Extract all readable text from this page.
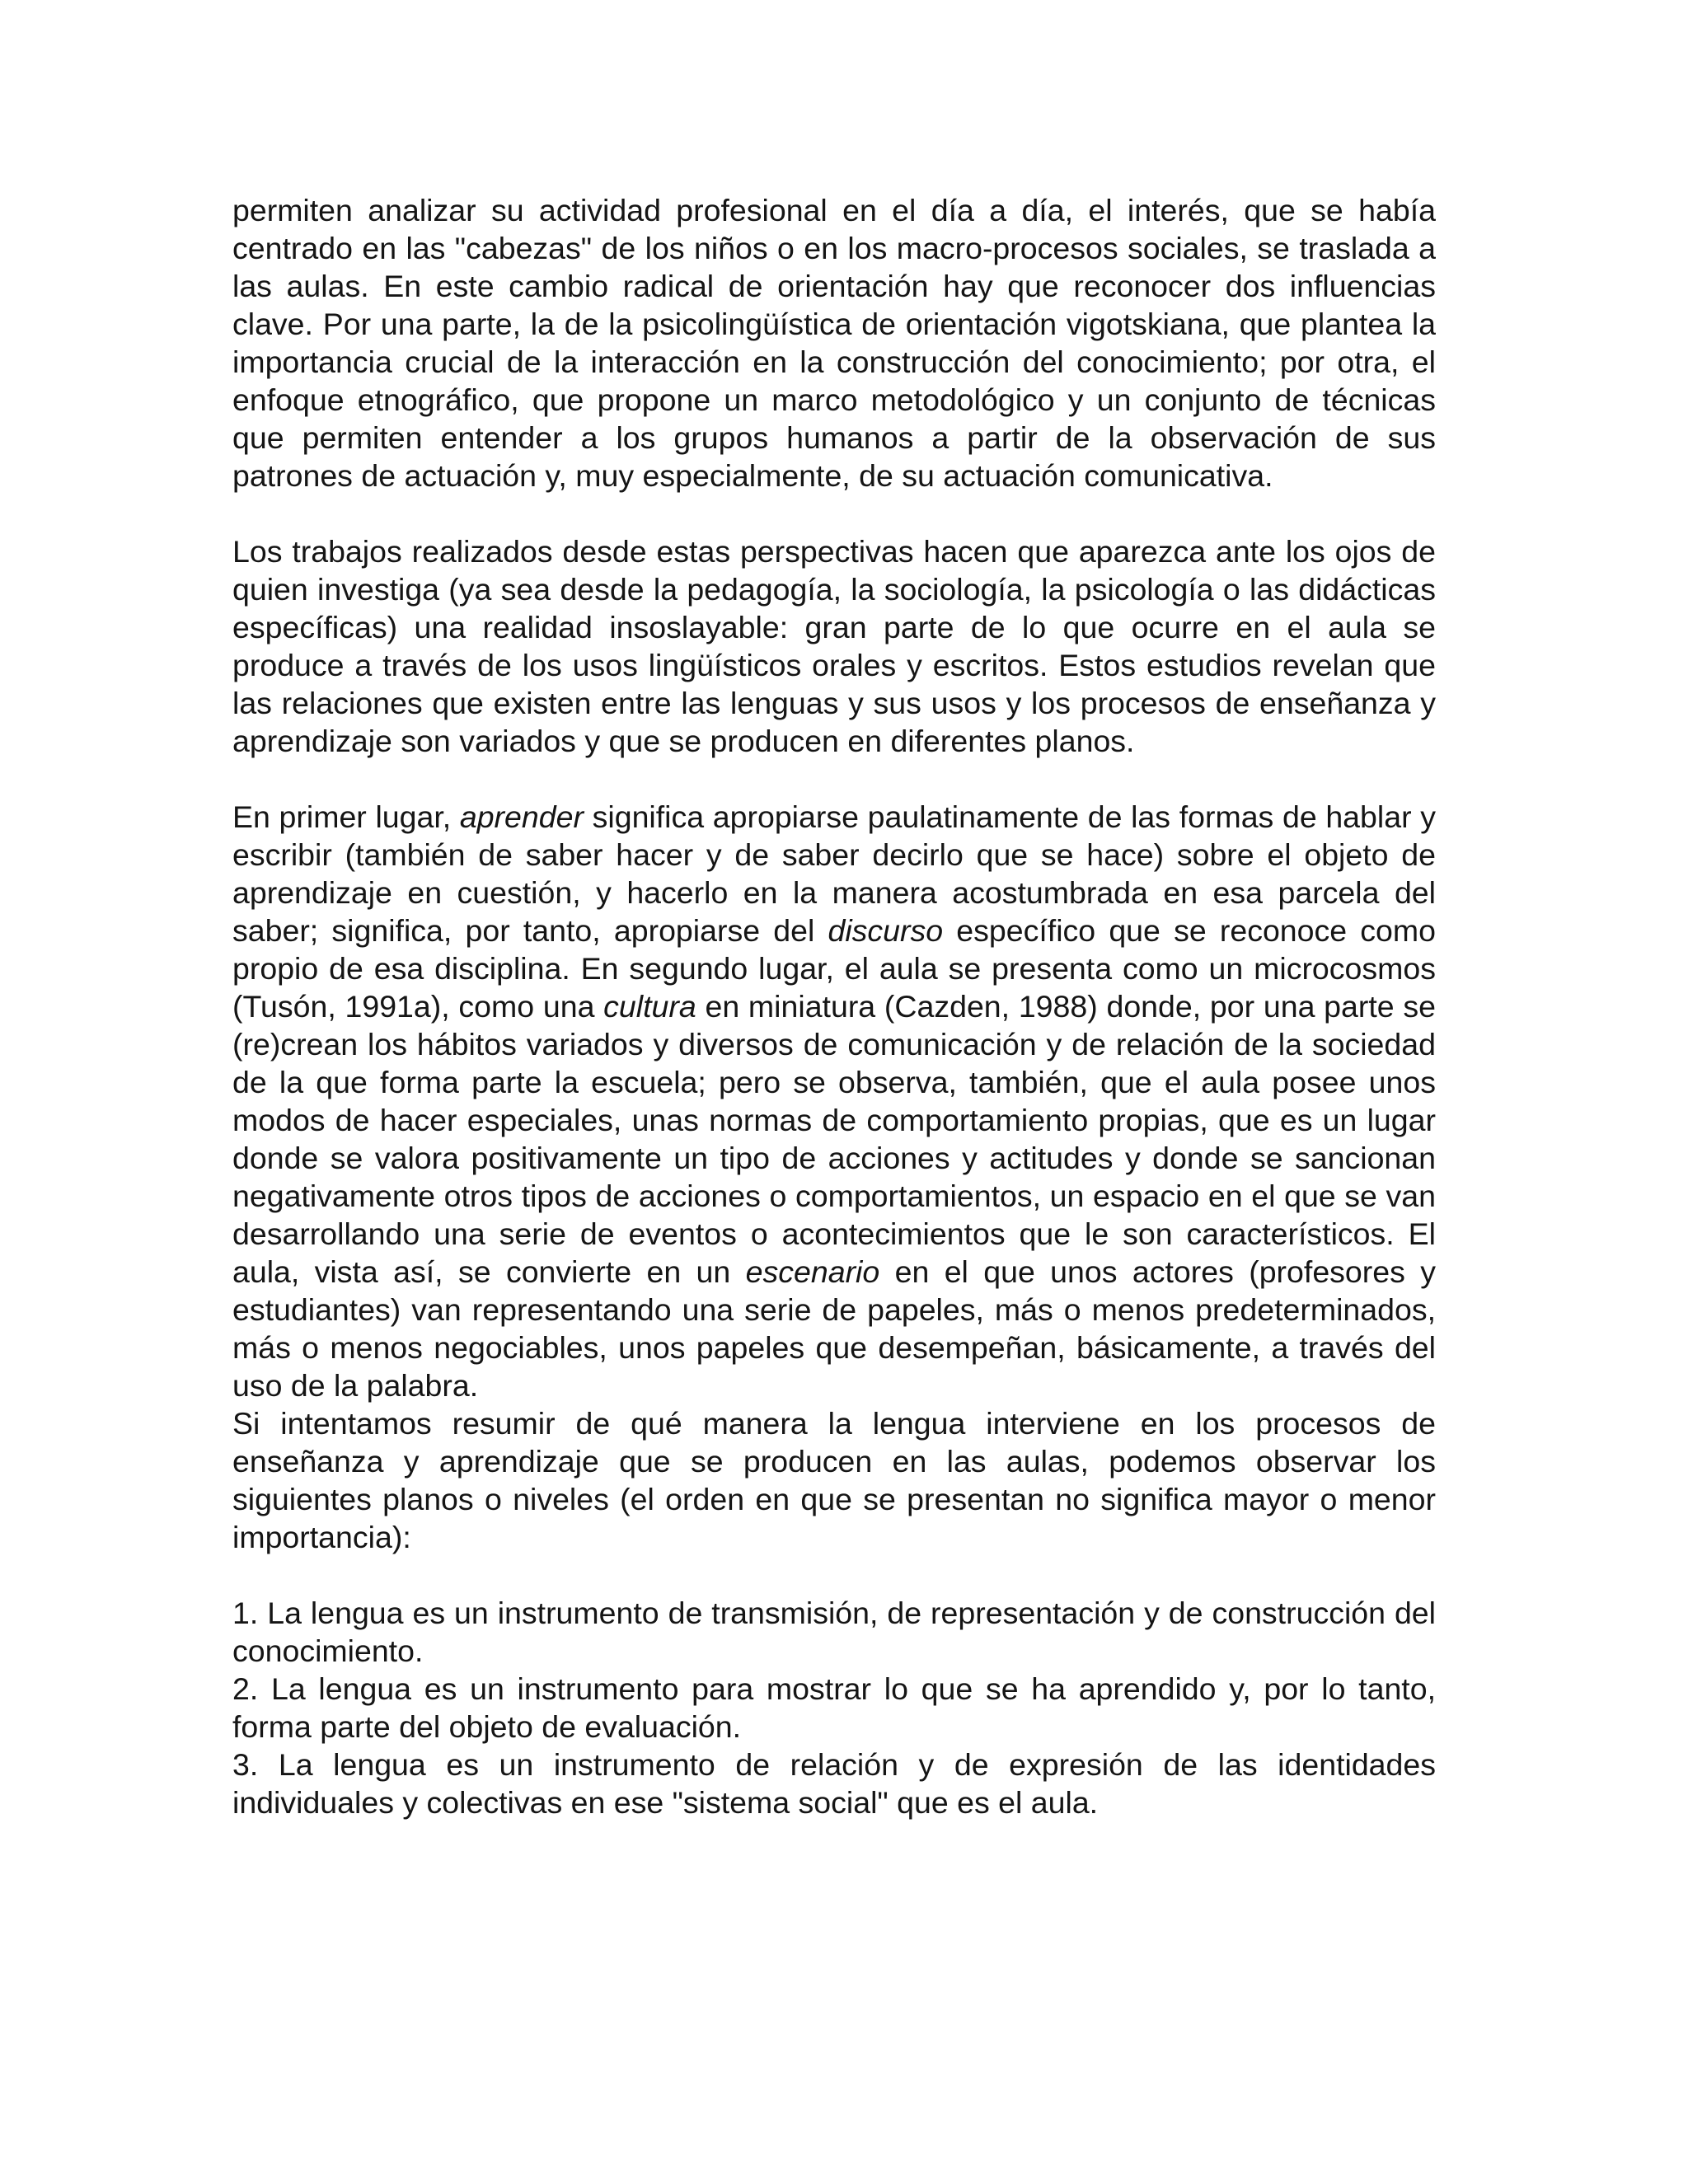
permiten analizar su actividad profesional en el día a día, el interés, que se había centrado en las "cabezas" de los niños o en los macro-procesos sociales, se traslada a las aulas. En este cambio radical de orientación hay que reconocer dos influencias clave. Por una parte, la de la psicolingüística de orientación vigotskiana, que plantea la importancia crucial de la interacción en la construcción del conocimiento; por otra, el enfoque etnográfico, que propone un marco metodológico y un conjunto de técnicas que permiten entender a los grupos humanos a partir de la observación de sus patrones de actuación y, muy especialmente, de su actuación comunicativa.

Los trabajos realizados desde estas perspectivas hacen que aparezca ante los ojos de quien investiga (ya sea desde la pedagogía, la sociología, la psicología o las didácticas específicas) una realidad insoslayable: gran parte de lo que ocurre en el aula se produce a través de los usos lingüísticos orales y escritos. Estos estudios revelan que las relaciones que existen entre las lenguas y sus usos y los procesos de enseñanza y aprendizaje son variados y que se producen en diferentes planos.

En primer lugar, aprender significa apropiarse paulatinamente de las formas de hablar y escribir (también de saber hacer y de saber decirlo que se hace) sobre el objeto de aprendizaje en cuestión, y hacerlo en la manera acostumbrada en esa parcela del saber; significa, por tanto, apropiarse del discurso específico que se reconoce como propio de esa disciplina. En segundo lugar, el aula se presenta como un microcosmos (Tusón, 1991a), como una cultura en miniatura (Cazden, 1988) donde, por una parte se (re)crean los hábitos variados y diversos de comunicación y de relación de la sociedad de la que forma parte la escuela; pero se observa, también, que el aula posee unos modos de hacer especiales, unas normas de comportamiento propias, que es un lugar donde se valora positivamente un tipo de acciones y actitudes y donde se sancionan negativamente otros tipos de acciones o comportamientos, un espacio en el que se van desarrollando una serie de eventos o acontecimientos que le son característicos. El aula, vista así, se convierte en un escenario en el que unos actores (profesores y estudiantes) van representando una serie de papeles, más o menos predeterminados, más o menos negociables, unos papeles que desempeñan, básicamente, a través del uso de la palabra.

Si intentamos resumir de qué manera la lengua interviene en los procesos de enseñanza y aprendizaje que se producen en las aulas, podemos observar los siguientes planos o niveles (el orden en que se presentan no significa mayor o menor importancia):

1. La lengua es un instrumento de transmisión, de representación y de construcción del conocimiento.

2. La lengua es un instrumento para mostrar lo que se ha aprendido y, por lo tanto, forma parte del objeto de evaluación.

3. La lengua es un instrumento de relación y de expresión de las identidades individuales y colectivas en ese "sistema social" que es el aula.
